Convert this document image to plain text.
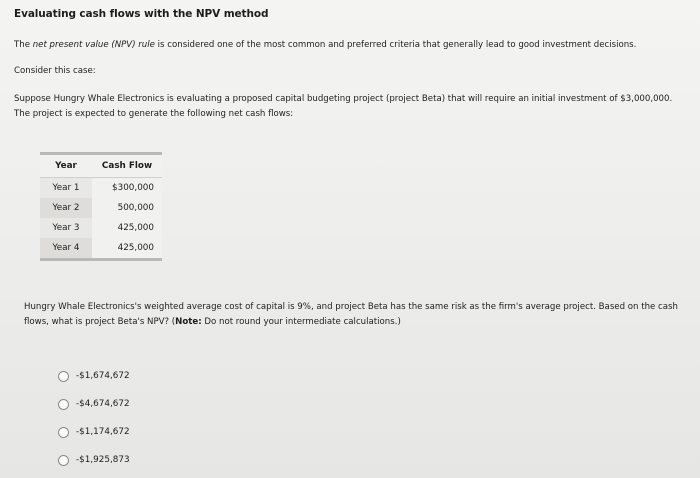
Evaluating cash flows with the NPV method
The net present value (NPV) rule is considered one of the most common and preferred criteria that generally lead to good investment decisions.
Consider this case:
Suppose Hungry Whale Electronics is evaluating a proposed capital budgeting project (project Beta) that will require an initial investment of $3,000,000. The project is expected to generate the following net cash flows:
Year	Cash Flow
Year 1	$300,000
Year 2	500,000
Year 3	425,000
Year 4	425,000
Hungry Whale Electronics's weighted average cost of capital is 9%, and project Beta has the same risk as the firm's average project. Based on the cash flows, what is project Beta's NPV? (Note: Do not round your intermediate calculations.)
-$1,674,672
-$4,674,672
-$1,174,672
-$1,925,873
